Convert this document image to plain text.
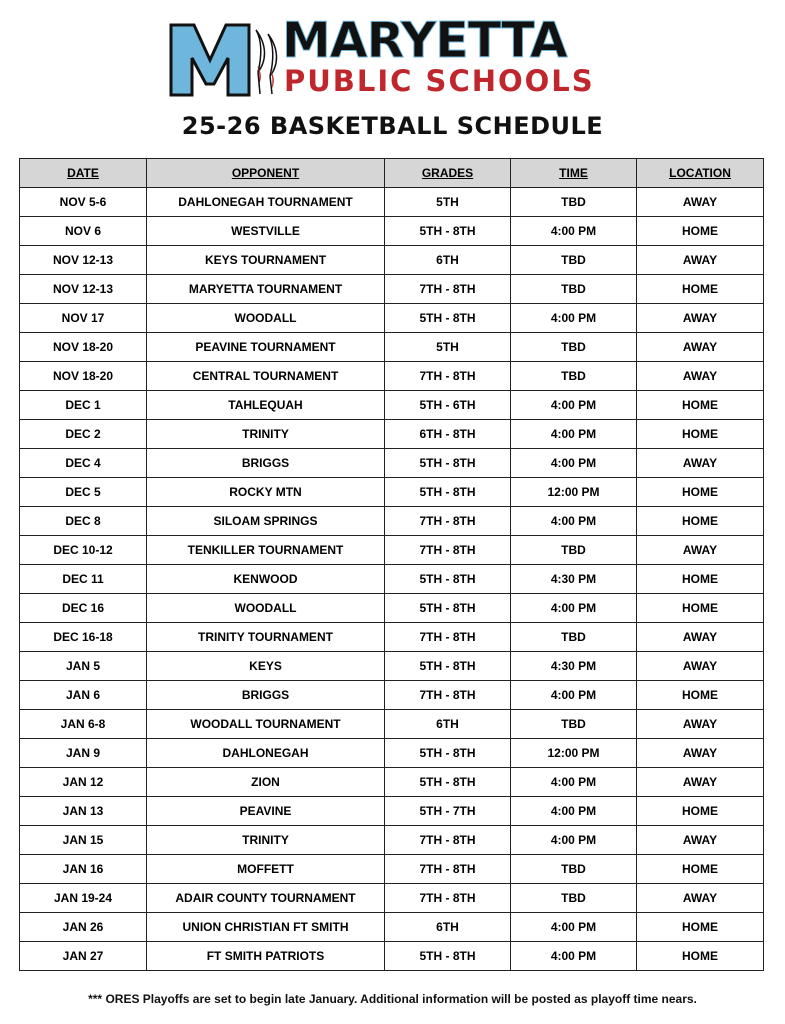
MARYETTA
PUBLIC SCHOOLS
25-26 BASKETBALL SCHEDULE
DATE	OPPONENT	GRADES	TIME	LOCATION
NOV 5-6	DAHLONEGAH TOURNAMENT	5TH	TBD	AWAY
NOV 6	WESTVILLE	5TH - 8TH	4:00 PM	HOME
NOV 12-13	KEYS TOURNAMENT	6TH	TBD	AWAY
NOV 12-13	MARYETTA TOURNAMENT	7TH - 8TH	TBD	HOME
NOV 17	WOODALL	5TH - 8TH	4:00 PM	AWAY
NOV 18-20	PEAVINE TOURNAMENT	5TH	TBD	AWAY
NOV 18-20	CENTRAL TOURNAMENT	7TH - 8TH	TBD	AWAY
DEC 1	TAHLEQUAH	5TH - 6TH	4:00 PM	HOME
DEC 2	TRINITY	6TH - 8TH	4:00 PM	HOME
DEC 4	BRIGGS	5TH - 8TH	4:00 PM	AWAY
DEC 5	ROCKY MTN	5TH - 8TH	12:00 PM	HOME
DEC 8	SILOAM SPRINGS	7TH - 8TH	4:00 PM	HOME
DEC 10-12	TENKILLER TOURNAMENT	7TH - 8TH	TBD	AWAY
DEC 11	KENWOOD	5TH - 8TH	4:30 PM	HOME
DEC 16	WOODALL	5TH - 8TH	4:00 PM	HOME
DEC 16-18	TRINITY TOURNAMENT	7TH - 8TH	TBD	AWAY
JAN 5	KEYS	5TH - 8TH	4:30 PM	AWAY
JAN 6	BRIGGS	7TH - 8TH	4:00 PM	HOME
JAN 6-8	WOODALL TOURNAMENT	6TH	TBD	AWAY
JAN 9	DAHLONEGAH	5TH - 8TH	12:00 PM	AWAY
JAN 12	ZION	5TH - 8TH	4:00 PM	AWAY
JAN 13	PEAVINE	5TH - 7TH	4:00 PM	HOME
JAN 15	TRINITY	7TH - 8TH	4:00 PM	AWAY
JAN 16	MOFFETT	7TH - 8TH	TBD	HOME
JAN 19-24	ADAIR COUNTY TOURNAMENT	7TH - 8TH	TBD	AWAY
JAN 26	UNION CHRISTIAN FT SMITH	6TH	4:00 PM	HOME
JAN 27	FT SMITH PATRIOTS	5TH - 8TH	4:00 PM	HOME
*** ORES Playoffs are set to begin late January. Additional information will be posted as playoff time nears.
